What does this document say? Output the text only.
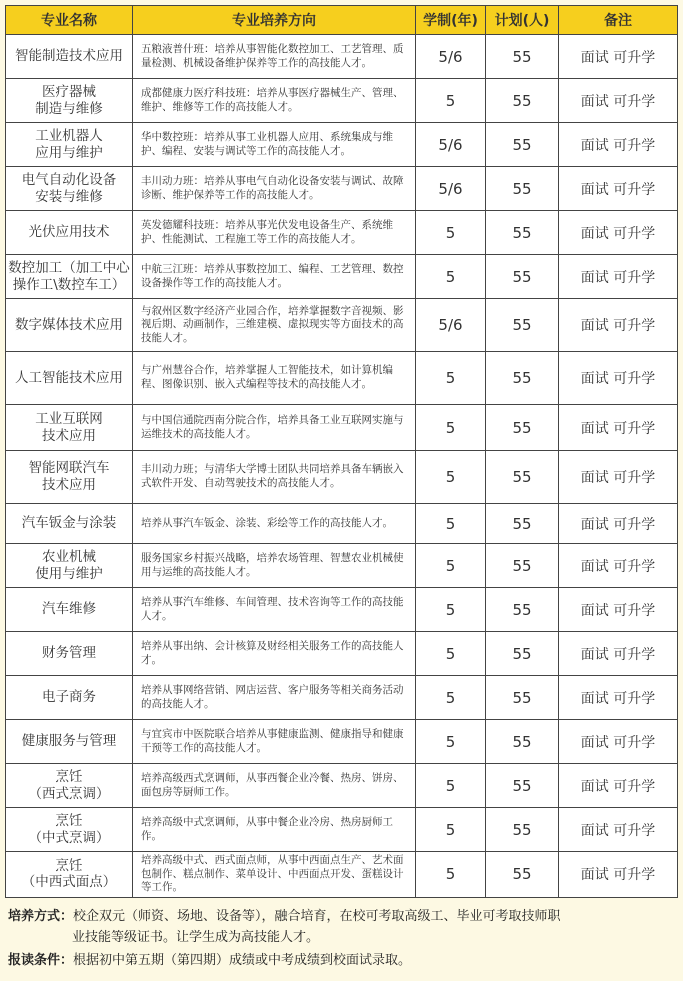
专业名称	专业培养方向	学制(年)	计划(人)	备注

智能制造技术应用	五粮液普什班：培养从事智能化数控加工、工艺管理、质量检测、机械设备维护保养等工作的高技能人才。	5/6	55	面试 可升学

医疗器械
制造与维修	成都健康力医疗科技班：培养从事医疗器械生产、管理、维护、维修等工作的高技能人才。	5	55	面试 可升学

工业机器人
应用与维护	华中数控班：培养从事工业机器人应用、系统集成与维护、编程、安装与调试等工作的高技能人才。	5/6	55	面试 可升学

电气自动化设备
安装与维修	丰川动力班：培养从事电气自动化设备安装与调试、故障诊断、维护保养等工作的高技能人才。	5/6	55	面试 可升学

光伏应用技术	英发德耀科技班：培养从事光伏发电设备生产、系统维护、性能测试、工程施工等工作的高技能人才。	5	55	面试 可升学

数控加工（加工中心
操作工\数控车工）	中航三江班：培养从事数控加工、编程、工艺管理、数控设备操作等工作的高技能人才。	5	55	面试 可升学

数字媒体技术应用	与叙州区数字经济产业园合作，培养掌握数字音视频、影视后期、动画制作，三维建模、虚拟现实等方面技术的高技能人才。	5/6	55	面试 可升学

人工智能技术应用	与广州慧谷合作，培养掌握人工智能技术，如计算机编程、图像识别、嵌入式编程等技术的高技能人才。	5	55	面试 可升学

工业互联网
技术应用	与中国信通院西南分院合作，培养具备工业互联网实施与运维技术的高技能人才。	5	55	面试 可升学

智能网联汽车
技术应用	丰川动力班；与清华大学博士团队共同培养具备车辆嵌入式软件开发、自动驾驶技术的高技能人才。	5	55	面试 可升学

汽车钣金与涂装	培养从事汽车钣金、涂装、彩绘等工作的高技能人才。	5	55	面试 可升学

农业机械
使用与维护	服务国家乡村振兴战略，培养农场管理、智慧农业机械使用与运维的高技能人才。	5	55	面试 可升学

汽车维修	培养从事汽车维修、车间管理、技术咨询等工作的高技能人才。	5	55	面试 可升学

财务管理	培养从事出纳、会计核算及财经相关服务工作的高技能人才。	5	55	面试 可升学

电子商务	培养从事网络营销、网店运营、客户服务等相关商务活动的高技能人才。	5	55	面试 可升学

健康服务与管理	与宜宾市中医院联合培养从事健康监测、健康指导和健康干预等工作的高技能人才。	5	55	面试 可升学

烹饪
（西式烹调）	培养高级西式烹调师，从事西餐企业冷餐、热房、饼房、面包房等厨师工作。	5	55	面试 可升学

烹饪
（中式烹调）	培养高级中式烹调师，从事中餐企业冷房、热房厨师工作。	5	55	面试 可升学

烹饪
（中西式面点）	培养高级中式、西式面点师，从事中西面点生产、艺术面包制作、糕点制作、菜单设计、中西面点开发、蛋糕设计等工作。	5	55	面试 可升学
培养方式：校企双元（师资、场地、设备等），融合培育，在校可考取高级工、毕业可考取技师职
业技能等级证书。让学生成为高技能人才。
报读条件：根据初中第五期（第四期）成绩或中考成绩到校面试录取。
